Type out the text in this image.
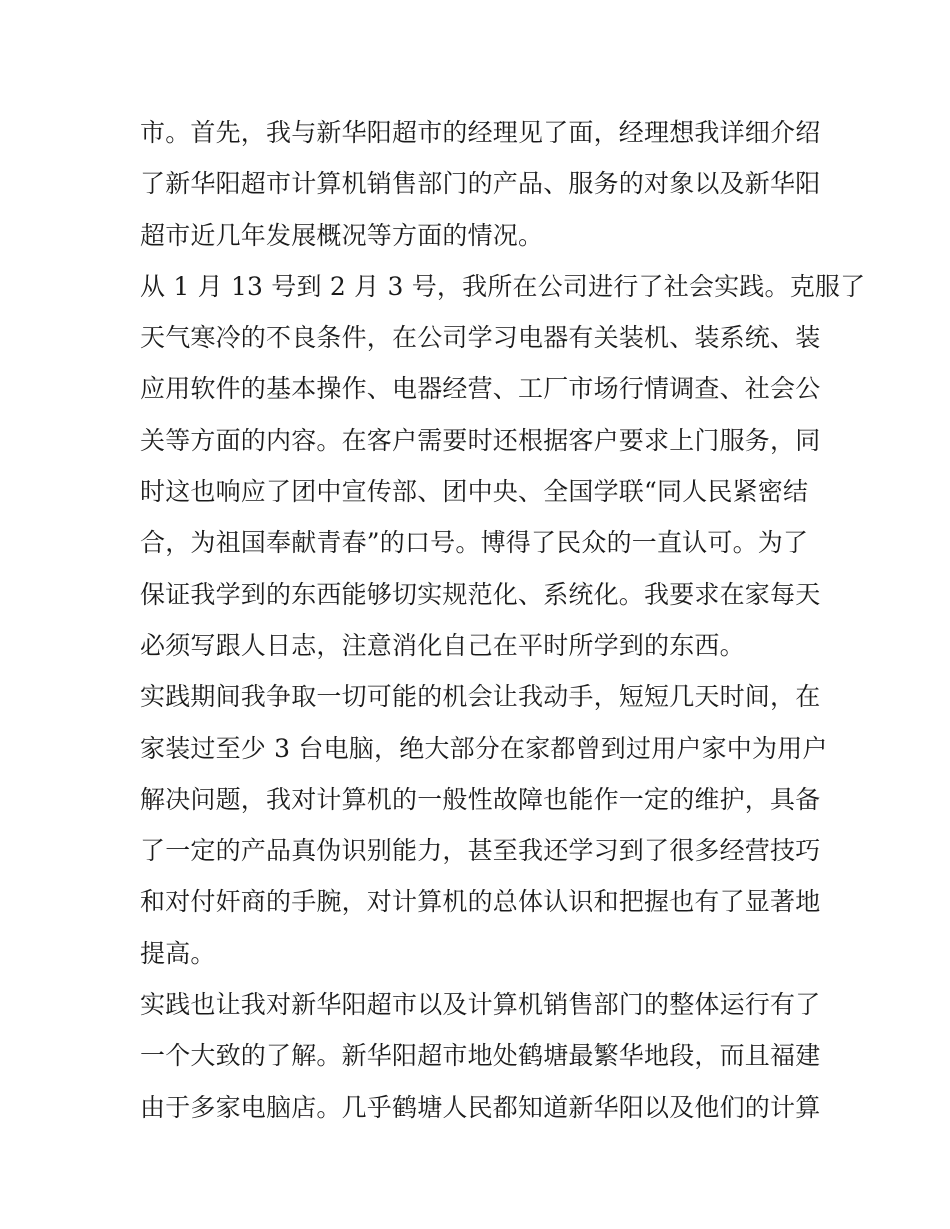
市。首先，我与新华阳超市的经理见了面，经理想我详细介绍
了新华阳超市计算机销售部门的产品、服务的对象以及新华阳
超市近几年发展概况等方面的情况。
从 1 月 13 号到 2 月 3 号，我所在公司进行了社会实践。克服了
天气寒冷的不良条件，在公司学习电器有关装机、装系统、装
应用软件的基本操作、电器经营、工厂市场行情调查、社会公
关等方面的内容。在客户需要时还根据客户要求上门服务，同
时这也响应了团中宣传部、团中央、全国学联“同人民紧密结
合，为祖国奉献青春”的口号。博得了民众的一直认可。为了
保证我学到的东西能够切实规范化、系统化。我要求在家每天
必须写跟人日志，注意消化自己在平时所学到的东西。
实践期间我争取一切可能的机会让我动手，短短几天时间，在
家装过至少 3 台电脑，绝大部分在家都曾到过用户家中为用户
解决问题，我对计算机的一般性故障也能作一定的维护，具备
了一定的产品真伪识别能力，甚至我还学习到了很多经营技巧
和对付奸商的手腕，对计算机的总体认识和把握也有了显著地
提高。
实践也让我对新华阳超市以及计算机销售部门的整体运行有了
一个大致的了解。新华阳超市地处鹤塘最繁华地段，而且福建
由于多家电脑店。几乎鹤塘人民都知道新华阳以及他们的计算
